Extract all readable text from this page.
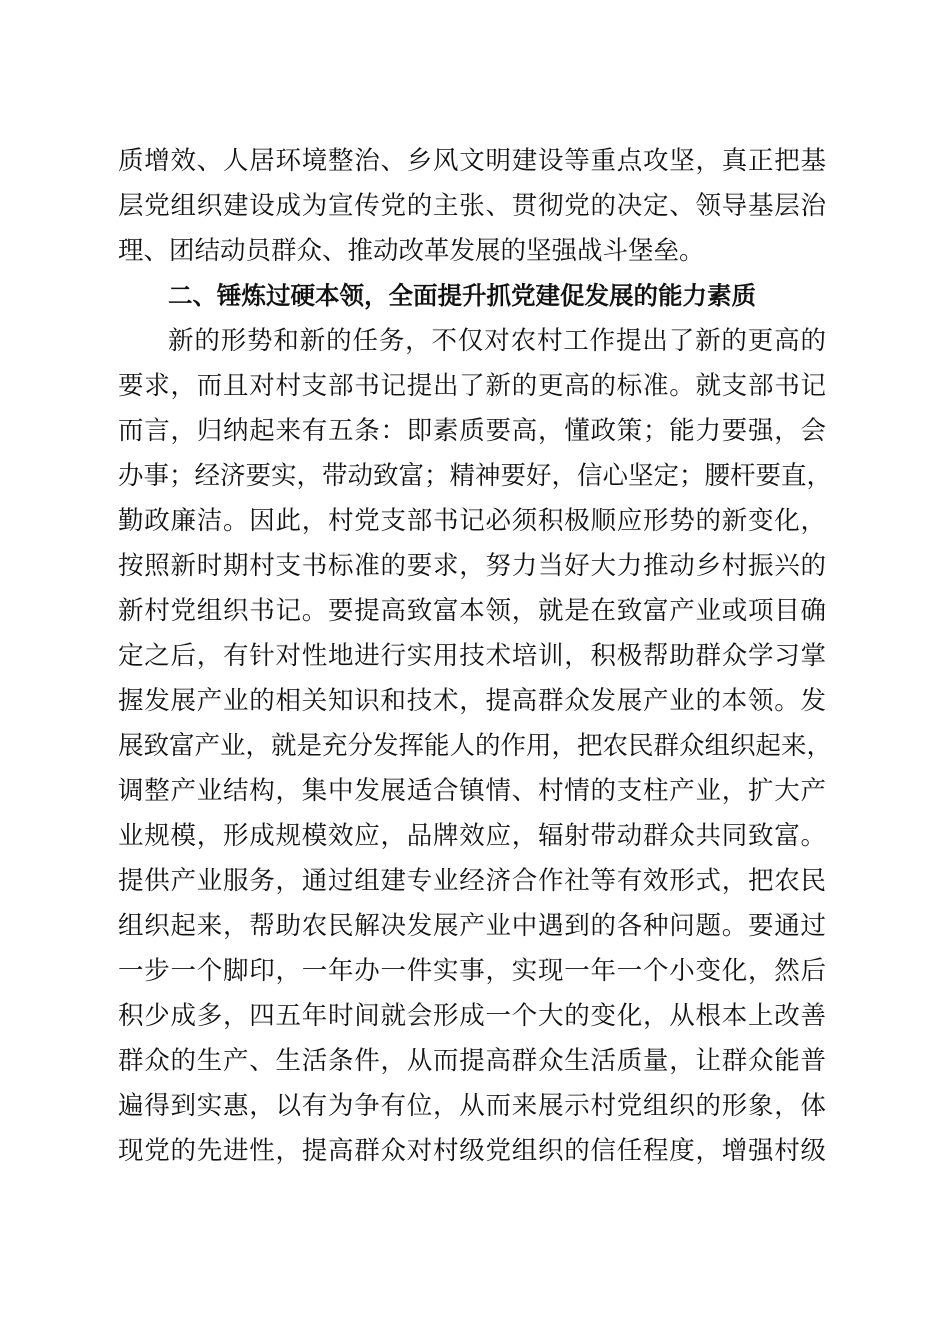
质增效、人居环境整治、乡风文明建设等重点攻坚，真正把基
层党组织建设成为宣传党的主张、贯彻党的决定、领导基层治
理、团结动员群众、推动改革发展的坚强战斗堡垒。
二、锤炼过硬本领，全面提升抓党建促发展的能力素质
新的形势和新的任务，不仅对农村工作提出了新的更高的
要求，而且对村支部书记提出了新的更高的标准。就支部书记
而言，归纳起来有五条：即素质要高，懂政策；能力要强，会
办事；经济要实，带动致富；精神要好，信心坚定；腰杆要直，
勤政廉洁。因此，村党支部书记必须积极顺应形势的新变化，
按照新时期村支书标准的要求，努力当好大力推动乡村振兴的
新村党组织书记。要提高致富本领，就是在致富产业或项目确
定之后，有针对性地进行实用技术培训，积极帮助群众学习掌
握发展产业的相关知识和技术，提高群众发展产业的本领。发
展致富产业，就是充分发挥能人的作用，把农民群众组织起来，
调整产业结构，集中发展适合镇情、村情的支柱产业，扩大产
业规模，形成规模效应，品牌效应，辐射带动群众共同致富。
提供产业服务，通过组建专业经济合作社等有效形式，把农民
组织起来，帮助农民解决发展产业中遇到的各种问题。要通过
一步一个脚印，一年办一件实事，实现一年一个小变化，然后
积少成多，四五年时间就会形成一个大的变化，从根本上改善
群众的生产、生活条件，从而提高群众生活质量，让群众能普
遍得到实惠，以有为争有位，从而来展示村党组织的形象，体
现党的先进性，提高群众对村级党组织的信任程度，增强村级
